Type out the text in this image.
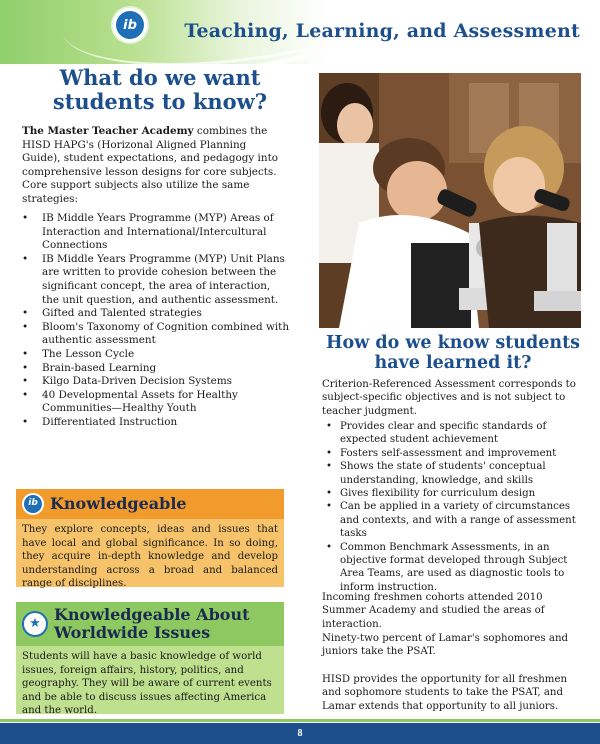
ib	Teaching, Learning, and Assessment
What do we want students to know?

The Master Teacher Academy combines the HISD HAPG's (Horizonal Aligned Planning Guide), student expectations, and pedagogy into comprehensive lesson designs for core subjects. Core support subjects also utilize the same strategies:

• IB Middle Years Programme (MYP) Areas of Interaction and International/Intercultural Connections
• IB Middle Years Programme (MYP) Unit Plans are written to provide cohesion between the significant concept, the area of interaction, the unit question, and authentic assessment.
• Gifted and Talented strategies
• Bloom's Taxonomy of Cognition combined with authentic assessment
• The Lesson Cycle
• Brain-based Learning
• Kilgo Data-Driven Decision Systems
• 40 Developmental Assets for Healthy Communities—Healthy Youth
• Differentiated Instruction
ib Knowledgeable
They explore concepts, ideas and issues that have local and global significance. In so doing, they acquire in-depth knowledge and develop understanding across a broad and balanced range of disciplines.
★ Knowledgeable About Worldwide Issues
Students will have a basic knowledge of world issues, foreign affairs, history, politics, and geography. They will be aware of current events and be able to discuss issues affecting America and the world.
How do we know students have learned it?

Criterion-Referenced Assessment corresponds to subject-specific objectives and is not subject to teacher judgment.

• Provides clear and specific standards of expected student achievement
• Fosters self-assessment and improvement
• Shows the state of students' conceptual understanding, knowledge, and skills
• Gives flexibility for curriculum design
• Can be applied in a variety of circumstances and contexts, and with a range of assessment tasks
• Common Benchmark Assessments, in an objective format developed through Subject Area Teams, are used as diagnostic tools to inform instruction.

Incoming freshmen cohorts attended 2010 Summer Academy and studied the areas of interaction.

Ninety-two percent of Lamar's sophomores and juniors take the PSAT.

HISD provides the opportunity for all freshmen and sophomore students to take the PSAT, and Lamar extends that opportunity to all juniors.

8
